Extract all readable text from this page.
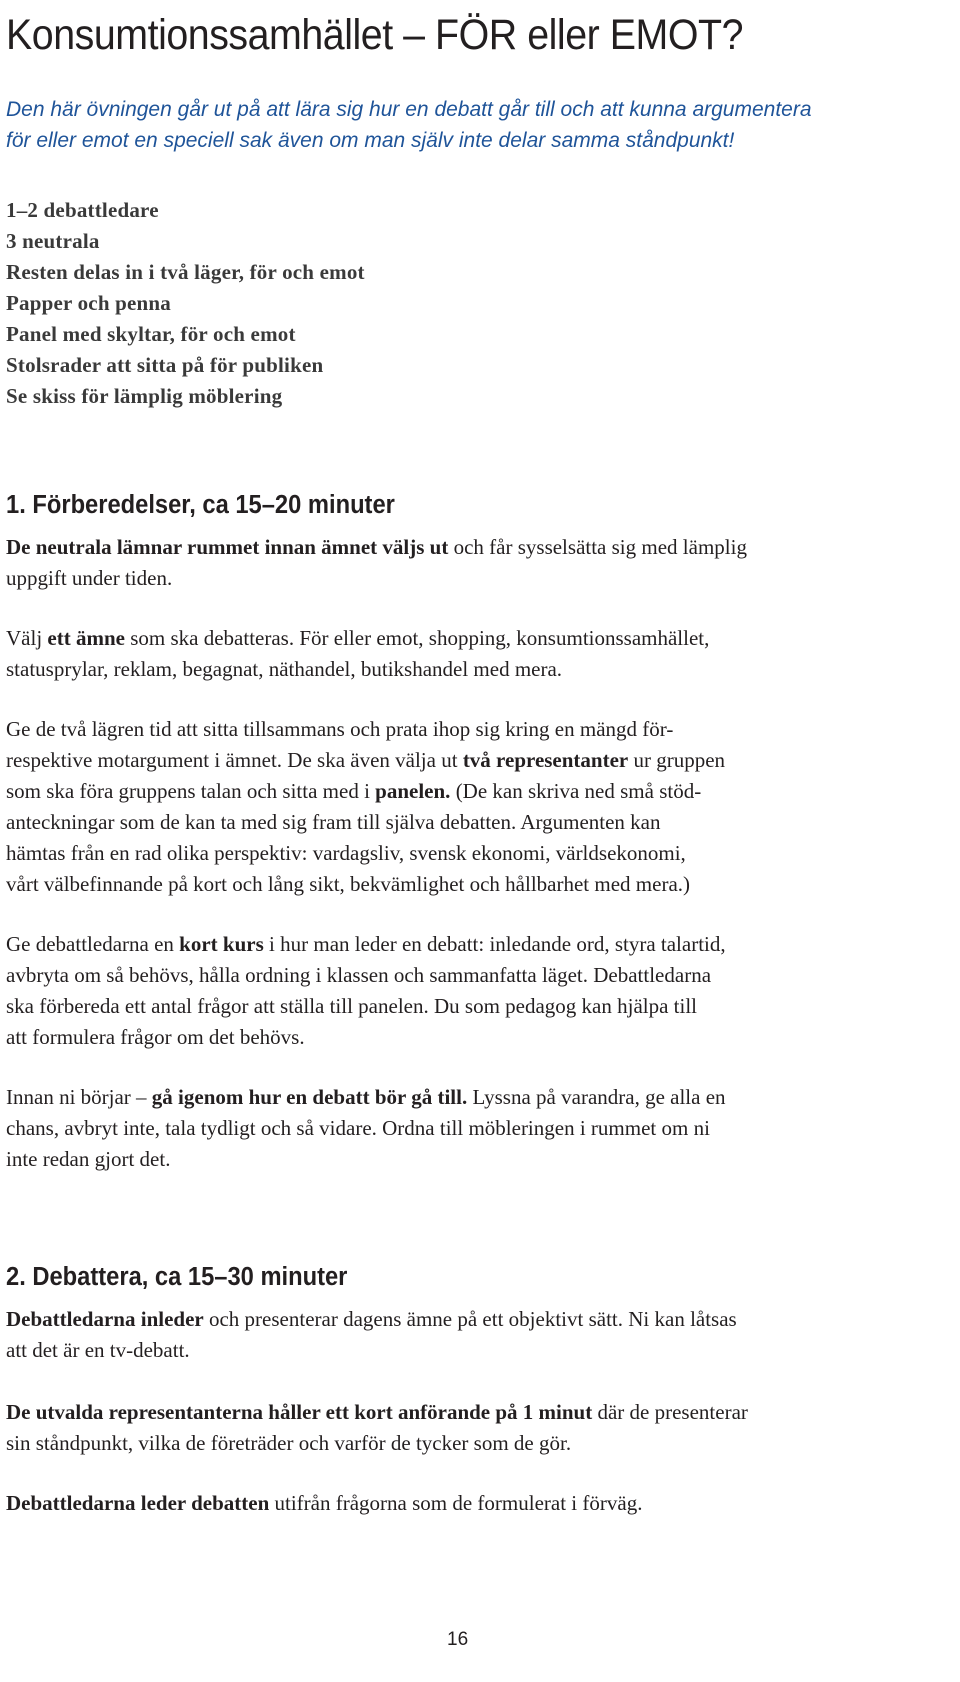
Konsumtionssamhället – FÖR eller EMOT?
Den här övningen går ut på att lära sig hur en debatt går till och att kunna argumentera
för eller emot en speciell sak även om man själv inte delar samma ståndpunkt!
1–2 debattledare
3 neutrala
Resten delas in i två läger, för och emot
Papper och penna
Panel med skyltar, för och emot
Stolsrader att sitta på för publiken
Se skiss för lämplig möblering
1. Förberedelser, ca 15–20 minuter
De neutrala lämnar rummet innan ämnet väljs ut och får sysselsätta sig med lämplig
uppgift under tiden.
Välj ett ämne som ska debatteras. För eller emot, shopping, konsumtionssamhället,
statusprylar, reklam, begagnat, näthandel, butikshandel med mera.
Ge de två lägren tid att sitta tillsammans och prata ihop sig kring en mängd för-
respektive motargument i ämnet. De ska även välja ut två representanter ur gruppen
som ska föra gruppens talan och sitta med i panelen. (De kan skriva ned små stöd-
anteckningar som de kan ta med sig fram till själva debatten. Argumenten kan
hämtas från en rad olika perspektiv: vardagsliv, svensk ekonomi, världsekonomi,
vårt välbefinnande på kort och lång sikt, bekvämlighet och hållbarhet med mera.)
Ge debattledarna en kort kurs i hur man leder en debatt: inledande ord, styra talartid,
avbryta om så behövs, hålla ordning i klassen och sammanfatta läget. Debattledarna
ska förbereda ett antal frågor att ställa till panelen. Du som pedagog kan hjälpa till
att formulera frågor om det behövs.
Innan ni börjar – gå igenom hur en debatt bör gå till. Lyssna på varandra, ge alla en
chans, avbryt inte, tala tydligt och så vidare. Ordna till möbleringen i rummet om ni
inte redan gjort det.
2. Debattera, ca 15–30 minuter
Debattledarna inleder och presenterar dagens ämne på ett objektivt sätt. Ni kan låtsas
att det är en tv-debatt.
De utvalda representanterna håller ett kort anförande på 1 minut där de presenterar
sin ståndpunkt, vilka de företräder och varför de tycker som de gör.
Debattledarna leder debatten utifrån frågorna som de formulerat i förväg.
16
